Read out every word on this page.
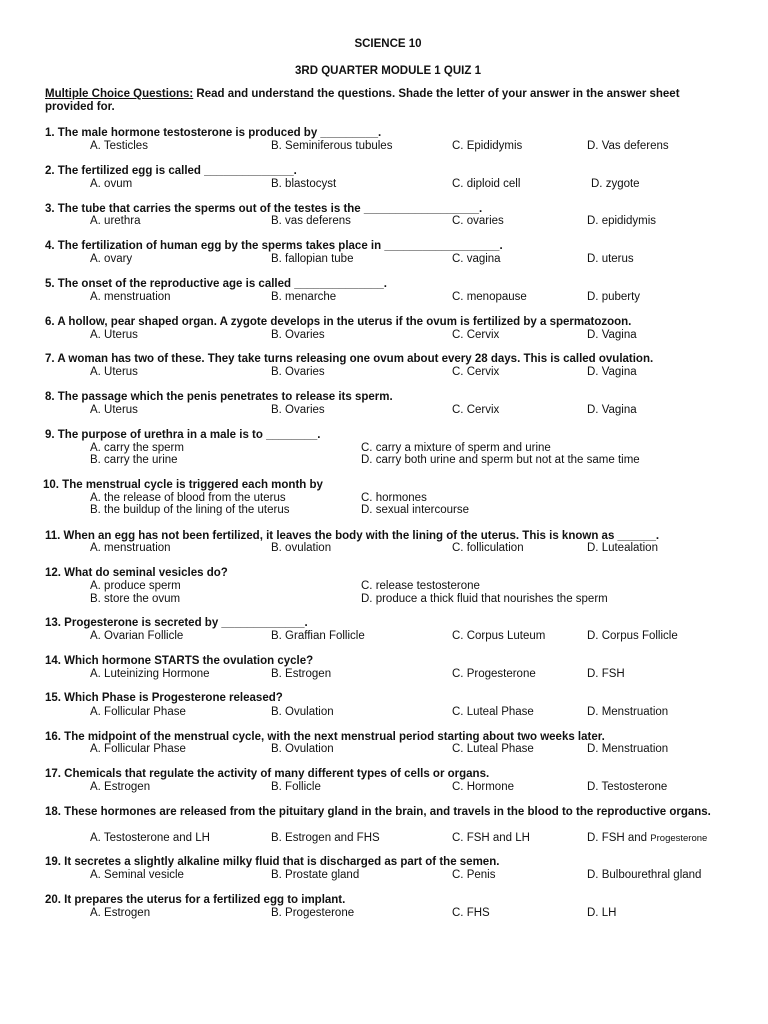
SCIENCE 10
3RD QUARTER MODULE 1 QUIZ 1
Multiple Choice Questions: Read and understand the questions. Shade the letter of your answer in the answer sheet provided for.
1. The male hormone testosterone is produced by _________.
A. Testicles	B. Seminiferous tubules	C. Epididymis	D. Vas deferens
2. The fertilized egg is called ______________.
A. ovum	B. blastocyst	C. diploid cell	D. zygote
3. The tube that carries the sperms out of the testes is the __________________.
A. urethra	B. vas deferens	C. ovaries	D. epididymis
4. The fertilization of human egg by the sperms takes place in __________________.
A. ovary	B. fallopian tube	C. vagina	D. uterus
5. The onset of the reproductive age is called ______________.
A. menstruation	B. menarche	C. menopause	D. puberty
6. A hollow, pear shaped organ. A zygote develops in the uterus if the ovum is fertilized by a spermatozoon.
A. Uterus	B. Ovaries	C. Cervix	D. Vagina
7. A woman has two of these. They take turns releasing one ovum about every 28 days. This is called ovulation.
A. Uterus	B. Ovaries	C. Cervix	D. Vagina
8. The passage which the penis penetrates to release its sperm.
A. Uterus	B. Ovaries	C. Cervix	D. Vagina
9. The purpose of urethra in a male is to ________.
A. carry the sperm
B. carry the urine
C. carry a mixture of sperm and urine
D. carry both urine and sperm but not at the same time
10. The menstrual cycle is triggered each month by
A. the release of blood from the uterus
B. the buildup of the lining of the uterus
C. hormones
D. sexual intercourse
11. When an egg has not been fertilized, it leaves the body with the lining of the uterus. This is known as ______.
A. menstruation	B. ovulation	C. folliculation	D. Lutealation
12. What do seminal vesicles do?
A. produce sperm
B. store the ovum
C. release testosterone
D. produce a thick fluid that nourishes the sperm
13. Progesterone is secreted by _____________.
A. Ovarian Follicle	B. Graffian Follicle	C. Corpus Luteum	D. Corpus Follicle
14. Which hormone STARTS the ovulation cycle?
A. Luteinizing Hormone	B. Estrogen	C. Progesterone	D. FSH
15. Which Phase is Progesterone released?
A. Follicular Phase	B. Ovulation	C. Luteal Phase	D. Menstruation
16. The midpoint of the menstrual cycle, with the next menstrual period starting about two weeks later.
A. Follicular Phase	B. Ovulation	C. Luteal Phase	D. Menstruation
17. Chemicals that regulate the activity of many different types of cells or organs.
A. Estrogen	B. Follicle	C. Hormone	D. Testosterone
18. These hormones are released from the pituitary gland in the brain, and travels in the blood to the reproductive organs.
A. Testosterone and LH	B. Estrogen and FHS	C. FSH and LH	D. FSH and Progesterone
19. It secretes a slightly alkaline milky fluid that is discharged as part of the semen.
A. Seminal vesicle	B. Prostate gland	C. Penis	D. Bulbourethral gland
20. It prepares the uterus for a fertilized egg to implant.
A. Estrogen	B. Progesterone	C. FHS	D. LH
